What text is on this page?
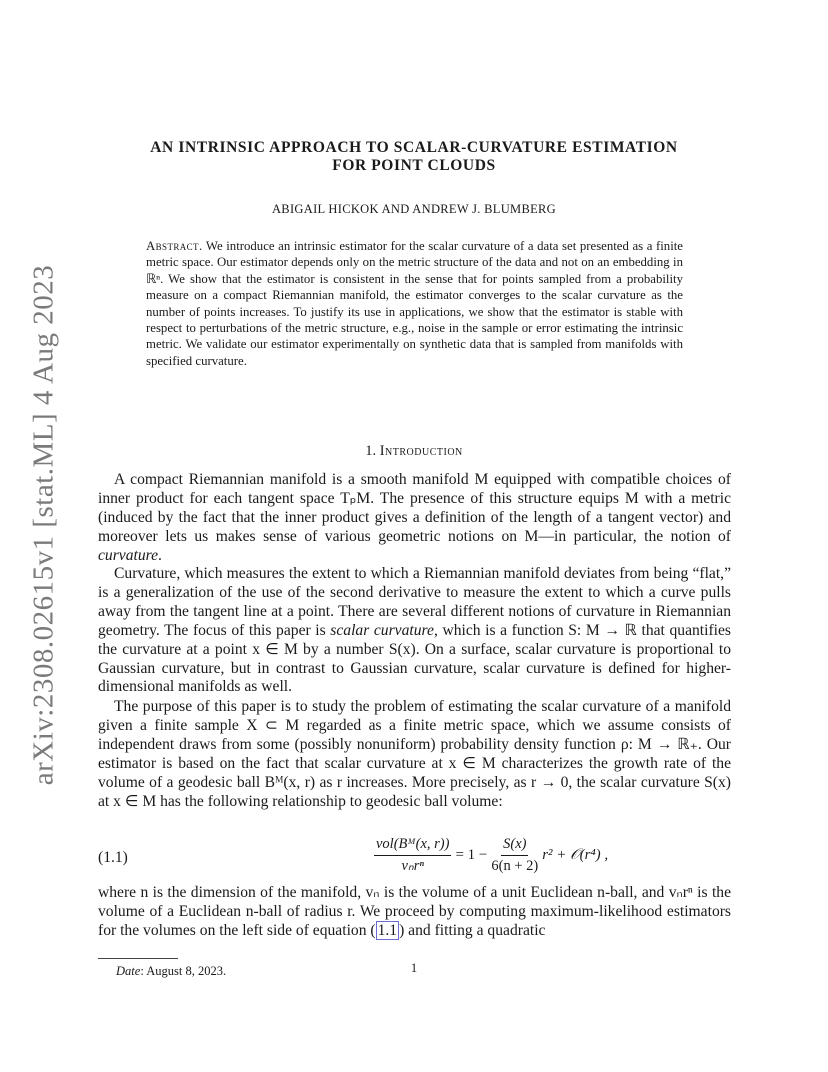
arXiv:2308.02615v1 [stat.ML] 4 Aug 2023
AN INTRINSIC APPROACH TO SCALAR-CURVATURE ESTIMATION
FOR POINT CLOUDS
ABIGAIL HICKOK AND ANDREW J. BLUMBERG
Abstract. We introduce an intrinsic estimator for the scalar curvature of a data set presented as a finite metric space. Our estimator depends only on the metric structure of the data and not on an embedding in ℝⁿ. We show that the estimator is consistent in the sense that for points sampled from a probability measure on a compact Riemannian manifold, the estimator converges to the scalar curvature as the number of points increases. To justify its use in applications, we show that the estimator is stable with respect to perturbations of the metric structure, e.g., noise in the sample or error estimating the intrinsic metric. We validate our estimator experimentally on synthetic data that is sampled from manifolds with specified curvature.
1. Introduction

A compact Riemannian manifold is a smooth manifold M equipped with compatible choices of inner product for each tangent space TₚM. The presence of this structure equips M with a metric (induced by the fact that the inner product gives a definition of the length of a tangent vector) and moreover lets us makes sense of various geometric notions on M—in particular, the notion of curvature.

Curvature, which measures the extent to which a Riemannian manifold deviates from being “flat,” is a generalization of the use of the second derivative to measure the extent to which a curve pulls away from the tangent line at a point. There are several different notions of curvature in Riemannian geometry. The focus of this paper is scalar curvature, which is a function S: M → ℝ that quantifies the curvature at a point x ∈ M by a number S(x). On a surface, scalar curvature is proportional to Gaussian curvature, but in contrast to Gaussian curvature, scalar curvature is defined for higher-dimensional manifolds as well.

The purpose of this paper is to study the problem of estimating the scalar curvature of a manifold given a finite sample X ⊂ M regarded as a finite metric space, which we assume consists of independent draws from some (possibly nonuniform) probability density function ρ: M → ℝ₊. Our estimator is based on the fact that scalar curvature at x ∈ M characterizes the growth rate of the volume of a geodesic ball Bᴹ(x, r) as r increases. More precisely, as r → 0, the scalar curvature S(x) at x ∈ M has the following relationship to geodesic ball volume:

(1.1)	$\frac{\text{vol(Bᴹ(x, r))}}{\text{vₙrⁿ}} = 1 - \frac{S(x)}{6(n + 2)} r^2$ + 𝒪(r⁴) ,

where n is the dimension of the manifold, vₙ is the volume of a unit Euclidean n-ball, and vₙrⁿ is the volume of a Euclidean n-ball of radius r. We proceed by computing maximum-likelihood estimators for the volumes on the left side of equation ( 1.1 ) and fitting a quadratic

Date: August 8, 2023.	1
